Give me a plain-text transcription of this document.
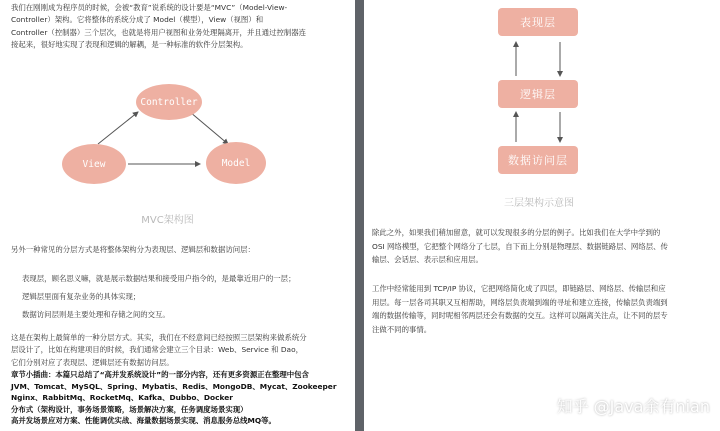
我们在刚刚成为程序员的时候，会被“教育”说系统的设计要是“MVC”（Model-View-

Controller）架构。它将整体的系统分成了 Model（模型），View（视图）和

Controller（控制器）三个层次，也就是将用户视图和业务处理隔离开，并且通过控制器连

接起来，很好地实现了表现和逻辑的解耦，是一种标准的软件分层架构。

Controller
View	Model
MVC架构图
另外一种常见的分层方式是将整体架构分为表现层、逻辑层和数据访问层：

表现层，顾名思义嘛，就是展示数据结果和接受用户指令的，是最靠近用户的一层；

逻辑层里面有复杂业务的具体实现；

数据访问层则是主要处理和存储之间的交互。

这是在架构上最简单的一种分层方式。其实，我们在不经意间已经按照三层架构来做系统分

层设计了，比如在构建项目的时候，我们通常会建立三个目录：Web、Service 和 Dao，

它们分别对应了表现层、逻辑层还有数据访问层。

章节小插曲：本篇只总结了“高并发系统设计”的一部分内容，还有更多资源正在整理中包含

JVM、Tomcat、MySQL、Spring、Mybatis、Redis、MongoDB、Mycat、Zookeeper

Nginx、RabbitMq、RocketMq、Kafka、Dubbo、Docker

分布式（架构设计，事务场景策略，场景解决方案，任务调度场景实现）

高并发场景应对方案、性能调优实战、海量数据场景实现、消息服务总线MQ等。

表现层
逻辑层
数据访问层
三层架构示意图

除此之外，如果我们稍加留意，就可以发现很多的分层的例子。比如我们在大学中学到的

OSI 网络模型，它把整个网络分了七层，自下而上分别是物理层、数据链路层、网络层、传

输层、会话层、表示层和应用层。

工作中经常能用到 TCP/IP 协议，它把网络简化成了四层，即链路层、网络层、传输层和应

用层。每一层各司其职又互相帮助，网络层负责端到端的寻址和建立连接，传输层负责端到

端的数据传输等，同时呢相邻两层还会有数据的交互。这样可以隔离关注点，让不同的层专

注做不同的事情。

知乎 @Java余有nian
